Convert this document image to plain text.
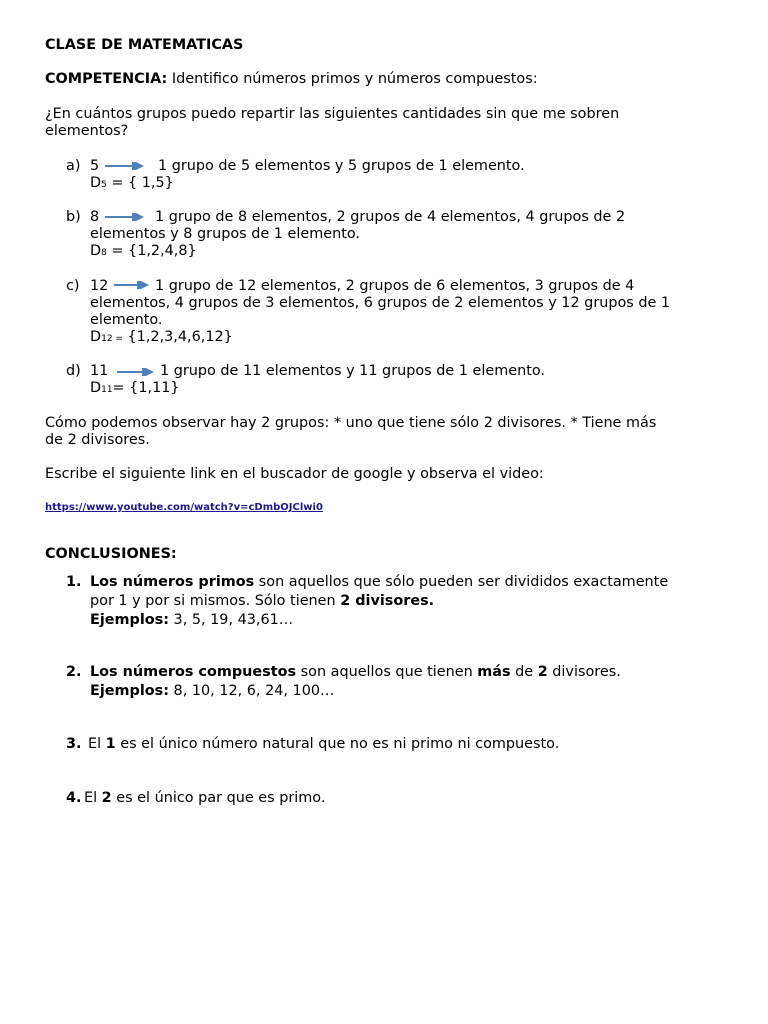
CLASE DE MATEMATICAS
COMPETENCIA: Identifico números primos y números compuestos:
¿En cuántos grupos puedo repartir las siguientes cantidades sin que me sobren
elementos?
a) 5	1 grupo de 5 elementos y 5 grupos de 1 elemento.
D5 = { 1,5}
b) 8	1 grupo de 8 elementos, 2 grupos de 4 elementos, 4 grupos de 2
elementos y 8 grupos de 1 elemento.
D8 = {1,2,4,8}
c) 12	1 grupo de 12 elementos, 2 grupos de 6 elementos, 3 grupos de 4
elementos, 4 grupos de 3 elementos, 6 grupos de 2 elementos y 12 grupos de 1
elemento.
D12 = {1,2,3,4,6,12}
d) 11	1 grupo de 11 elementos y 11 grupos de 1 elemento.
D11= {1,11}
Cómo podemos observar hay 2 grupos: * uno que tiene sólo 2 divisores. * Tiene más
de 2 divisores.
Escribe el siguiente link en el buscador de google y observa el video:
https://www.youtube.com/watch?v=cDmbOJClwi0
CONCLUSIONES:
1. Los números primos son aquellos que sólo pueden ser divididos exactamente
por 1 y por si mismos. Sólo tienen 2 divisores.
Ejemplos: 3, 5, 19, 43,61…
2. Los números compuestos son aquellos que tienen más de 2 divisores.
Ejemplos: 8, 10, 12, 6, 24, 100…
3. El 1 es el único número natural que no es ni primo ni compuesto.
4. El 2 es el único par que es primo.
